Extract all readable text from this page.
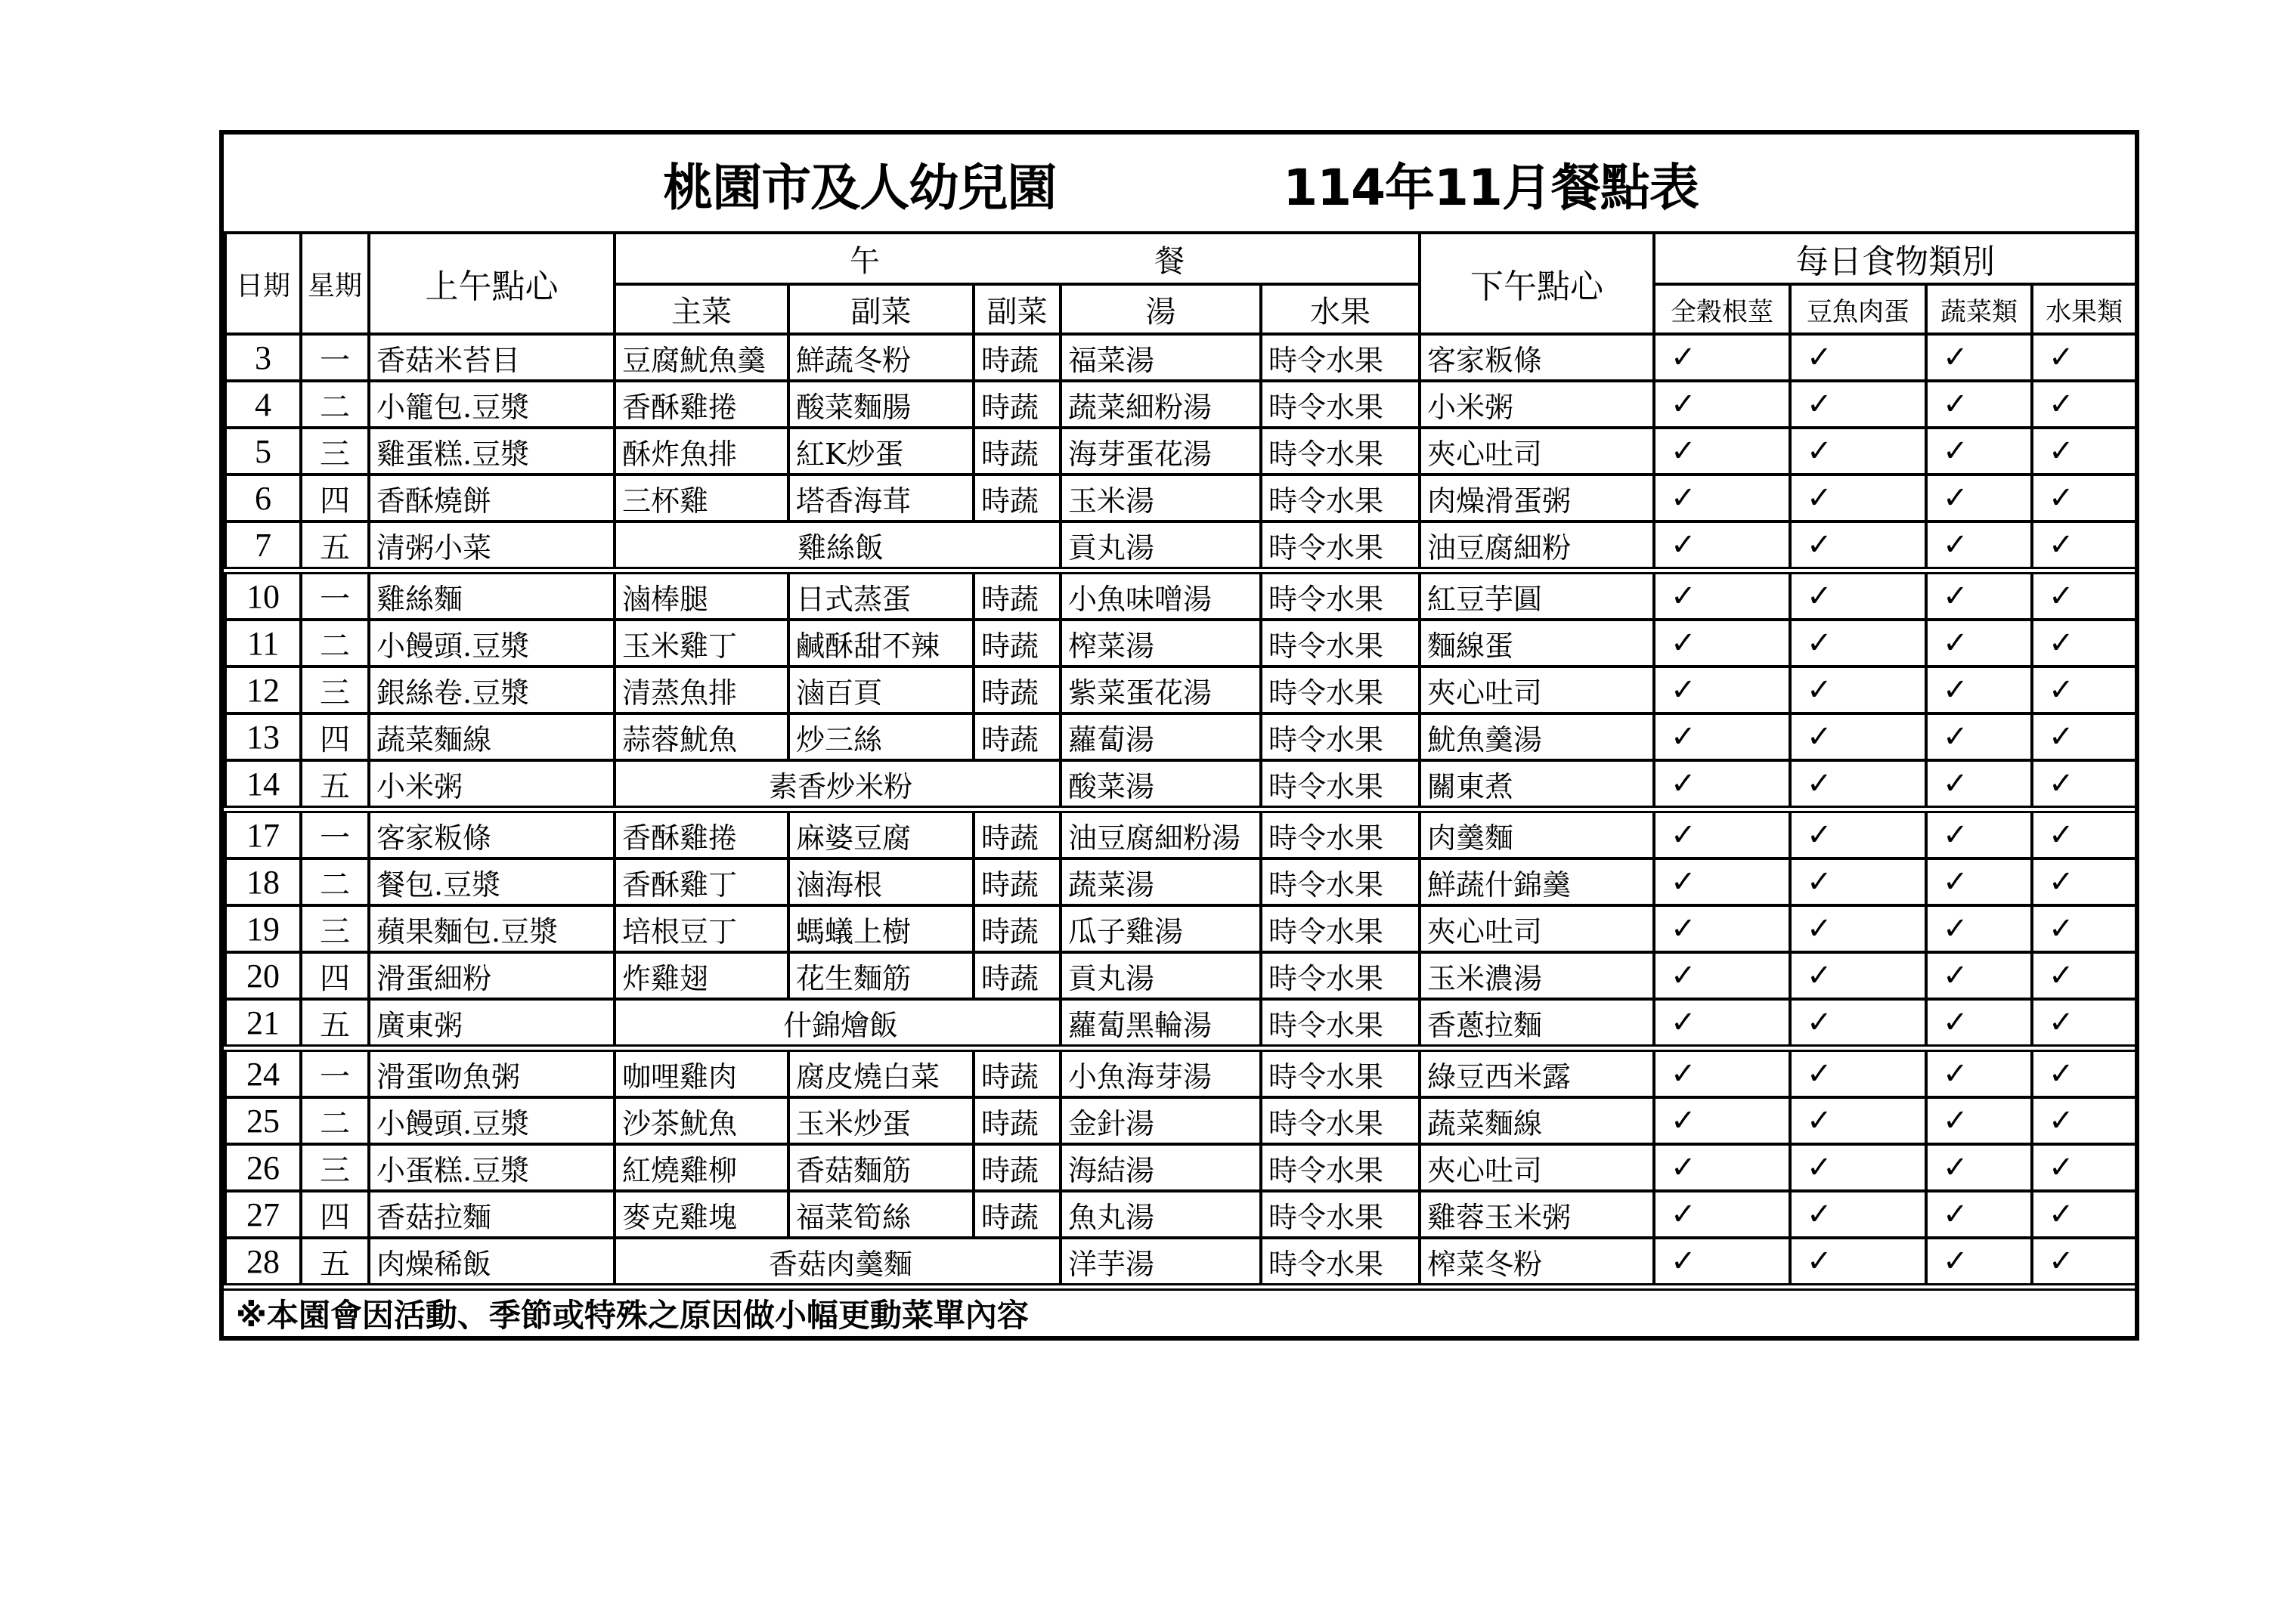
桃園市及人幼兒園 114年11月餐點表												

日期	星期	上午點心	午 餐					下午點心	每日食物類別			
			主菜	副菜	副菜	湯	水果		全穀根莖	豆魚肉蛋	蔬菜類	水果類
3	一	香菇米苔目	豆腐魷魚羹	鮮蔬冬粉	時蔬	福菜湯	時令水果	客家粄條	✓	✓	✓	✓
4	二	小籠包.豆漿	香酥雞捲	酸菜麵腸	時蔬	蔬菜細粉湯	時令水果	小米粥	✓	✓	✓	✓
5	三	雞蛋糕.豆漿	酥炸魚排	紅K炒蛋	時蔬	海芽蛋花湯	時令水果	夾心吐司	✓	✓	✓	✓
6	四	香酥燒餅	三杯雞	塔香海茸	時蔬	玉米湯	時令水果	肉燥滑蛋粥	✓	✓	✓	✓
7	五	清粥小菜	雞絲飯			貢丸湯	時令水果	油豆腐細粉	✓	✓	✓	✓
10	一	雞絲麵	滷棒腿	日式蒸蛋	時蔬	小魚味噌湯	時令水果	紅豆芋圓	✓	✓	✓	✓
11	二	小饅頭.豆漿	玉米雞丁	鹹酥甜不辣	時蔬	榨菜湯	時令水果	麵線蛋	✓	✓	✓	✓
12	三	銀絲卷.豆漿	清蒸魚排	滷百頁	時蔬	紫菜蛋花湯	時令水果	夾心吐司	✓	✓	✓	✓
13	四	蔬菜麵線	蒜蓉魷魚	炒三絲	時蔬	蘿蔔湯	時令水果	魷魚羹湯	✓	✓	✓	✓
14	五	小米粥	素香炒米粉			酸菜湯	時令水果	關東煮	✓	✓	✓	✓
17	一	客家粄條	香酥雞捲	麻婆豆腐	時蔬	油豆腐細粉湯	時令水果	肉羹麵	✓	✓	✓	✓
18	二	餐包.豆漿	香酥雞丁	滷海根	時蔬	蔬菜湯	時令水果	鮮蔬什錦羹	✓	✓	✓	✓
19	三	蘋果麵包.豆漿	培根豆丁	螞蟻上樹	時蔬	瓜子雞湯	時令水果	夾心吐司	✓	✓	✓	✓
20	四	滑蛋細粉	炸雞翅	花生麵筋	時蔬	貢丸湯	時令水果	玉米濃湯	✓	✓	✓	✓
21	五	廣東粥	什錦燴飯			蘿蔔黑輪湯	時令水果	香蔥拉麵	✓	✓	✓	✓
24	一	滑蛋吻魚粥	咖哩雞肉	腐皮燒白菜	時蔬	小魚海芽湯	時令水果	綠豆西米露	✓	✓	✓	✓
25	二	小饅頭.豆漿	沙茶魷魚	玉米炒蛋	時蔬	金針湯	時令水果	蔬菜麵線	✓	✓	✓	✓
26	三	小蛋糕.豆漿	紅燒雞柳	香菇麵筋	時蔬	海結湯	時令水果	夾心吐司	✓	✓	✓	✓
27	四	香菇拉麵	麥克雞塊	福菜筍絲	時蔬	魚丸湯	時令水果	雞蓉玉米粥	✓	✓	✓	✓
28	五	肉燥稀飯	香菇肉羹麵			洋芋湯	時令水果	榨菜冬粉	✓	✓	✓	✓
※本園會因活動、季節或特殊之原因做小幅更動菜單內容												
